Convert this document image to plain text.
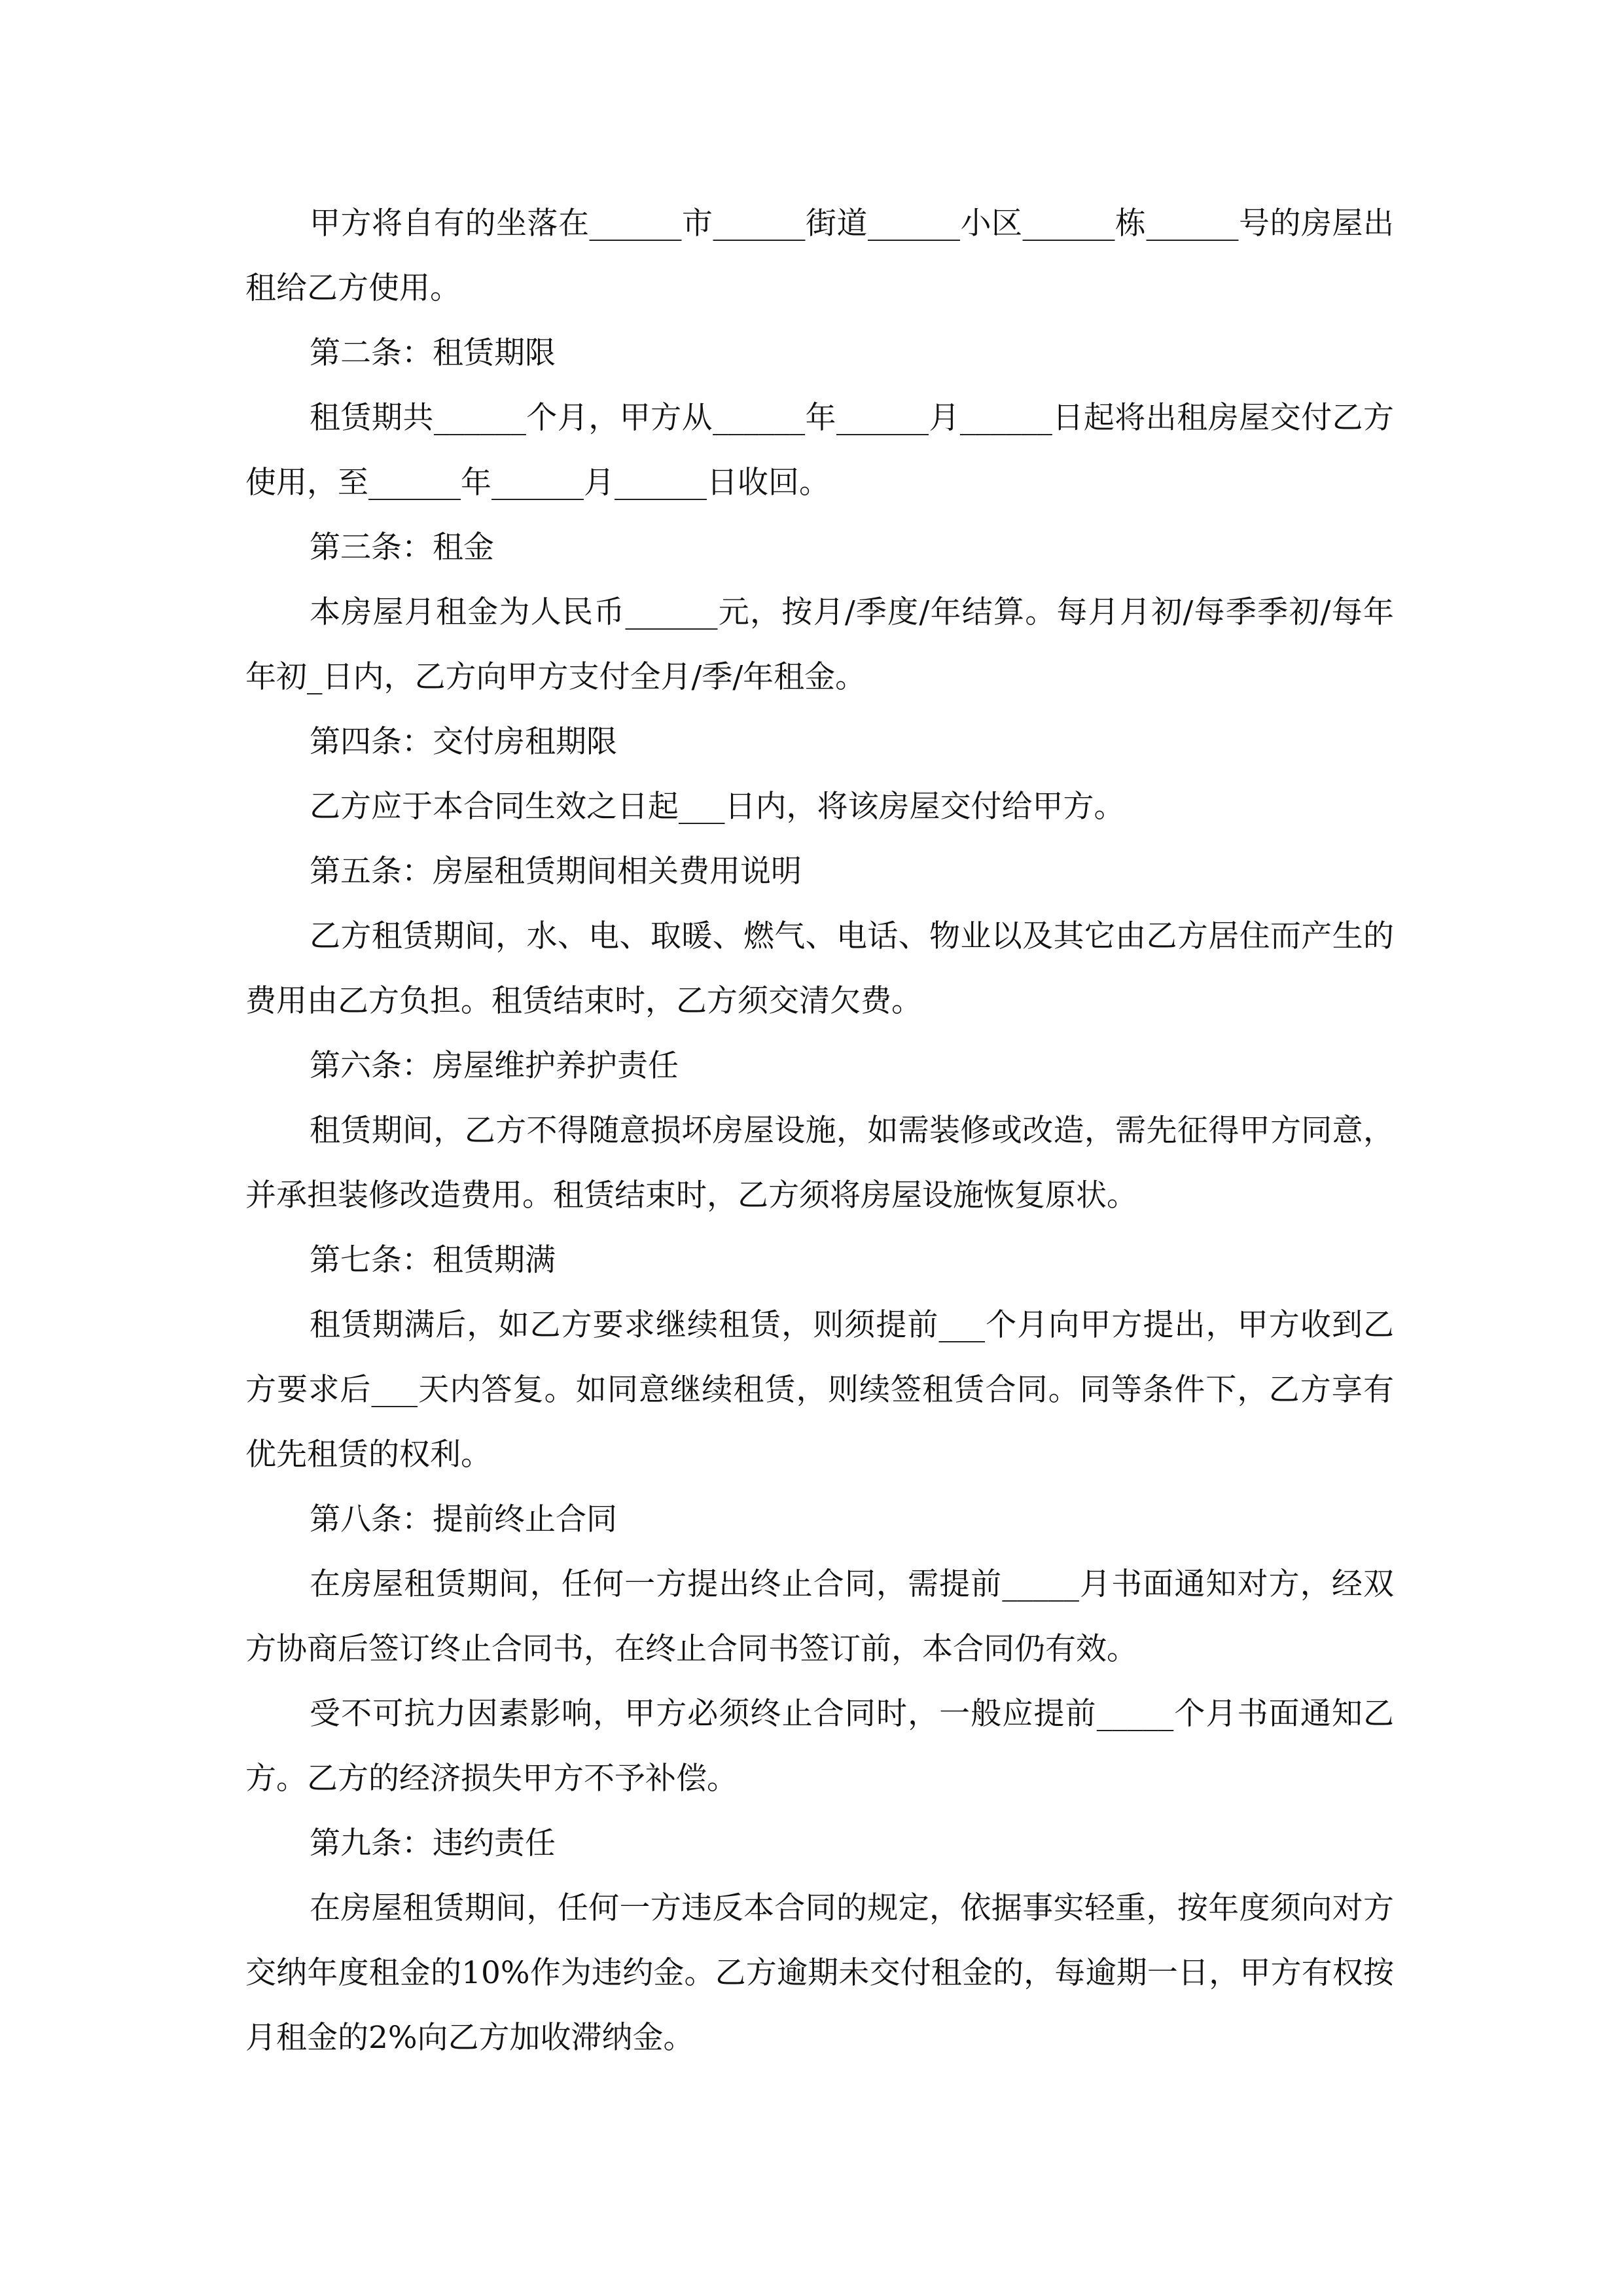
甲方将自有的坐落在______市______街道______小区______栋______号的房屋出租给乙方使用。

第二条：租赁期限

租赁期共______个月，甲方从______年______月______日起将出租房屋交付乙方使用，至______年______月______日收回。

第三条：租金

本房屋月租金为人民币______元，按月/季度/年结算。每月月初/每季季初/每年年初_日内，乙方向甲方支付全月/季/年租金。

第四条：交付房租期限

乙方应于本合同生效之日起___日内，将该房屋交付给甲方。

第五条：房屋租赁期间相关费用说明

乙方租赁期间，水、电、取暖、燃气、电话、物业以及其它由乙方居住而产生的费用由乙方负担。租赁结束时，乙方须交清欠费。

第六条：房屋维护养护责任

租赁期间，乙方不得随意损坏房屋设施，如需装修或改造，需先征得甲方同意，并承担装修改造费用。租赁结束时，乙方须将房屋设施恢复原状。

第七条：租赁期满

租赁期满后，如乙方要求继续租赁，则须提前___个月向甲方提出，甲方收到乙方要求后___天内答复。如同意继续租赁，则续签租赁合同。同等条件下，乙方享有优先租赁的权利。

第八条：提前终止合同

在房屋租赁期间，任何一方提出终止合同，需提前_____月书面通知对方，经双方协商后签订终止合同书，在终止合同书签订前，本合同仍有效。

受不可抗力因素影响，甲方必须终止合同时，一般应提前_____个月书面通知乙方。乙方的经济损失甲方不予补偿。

第九条：违约责任

在房屋租赁期间，任何一方违反本合同的规定，依据事实轻重，按年度须向对方交纳年度租金的10%作为违约金。乙方逾期未交付租金的，每逾期一日，甲方有权按月租金的2%向乙方加收滞纳金。
